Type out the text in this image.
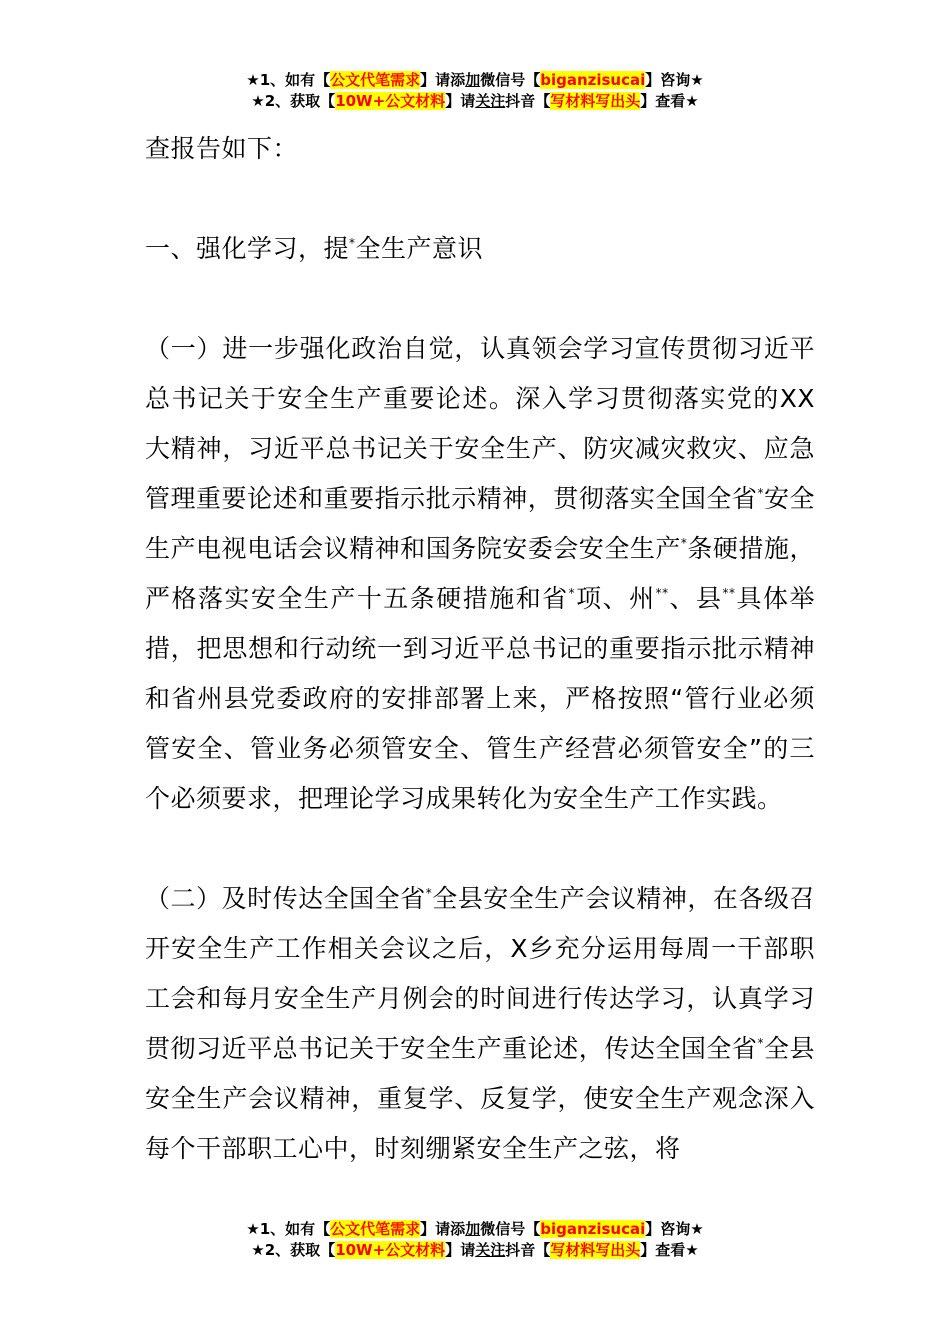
★1、如有【公文代笔需求】请添加微信号【biganzisucai】咨询★
★2、获取【10W+公文材料】请关注抖音【写材料写出头】查看★

查报告如下：

一、强化学习，提*全生产意识

（一）进一步强化政治自觉，认真领会学习宣传贯彻习近平总书记关于安全生产重要论述。深入学习贯彻落实党的XX大精神，习近平总书记关于安全生产、防灾减灾救灾、应急管理重要论述和重要指示批示精神，贯彻落实全国全省*安全生产电视电话会议精神和国务院安委会安全生产*条硬措施，严格落实安全生产十五条硬措施和省*项、州**、县**具体举措，把思想和行动统一到习近平总书记的重要指示批示精神和省州县党委政府的安排部署上来，严格按照“管行业必须管安全、管业务必须管安全、管生产经营必须管安全”的三个必须要求，把理论学习成果转化为安全生产工作实践。

（二）及时传达全国全省*全县安全生产会议精神，在各级召开安全生产工作相关会议之后，X乡充分运用每周一干部职工会和每月安全生产月例会的时间进行传达学习，认真学习贯彻习近平总书记关于安全生产重论述，传达全国全省*全县安全生产会议精神，重复学、反复学，使安全生产观念深入每个干部职工心中，时刻绷紧安全生产之弦，将

★1、如有【公文代笔需求】请添加微信号【biganzisucai】咨询★
★2、获取【10W+公文材料】请关注抖音【写材料写出头】查看★
